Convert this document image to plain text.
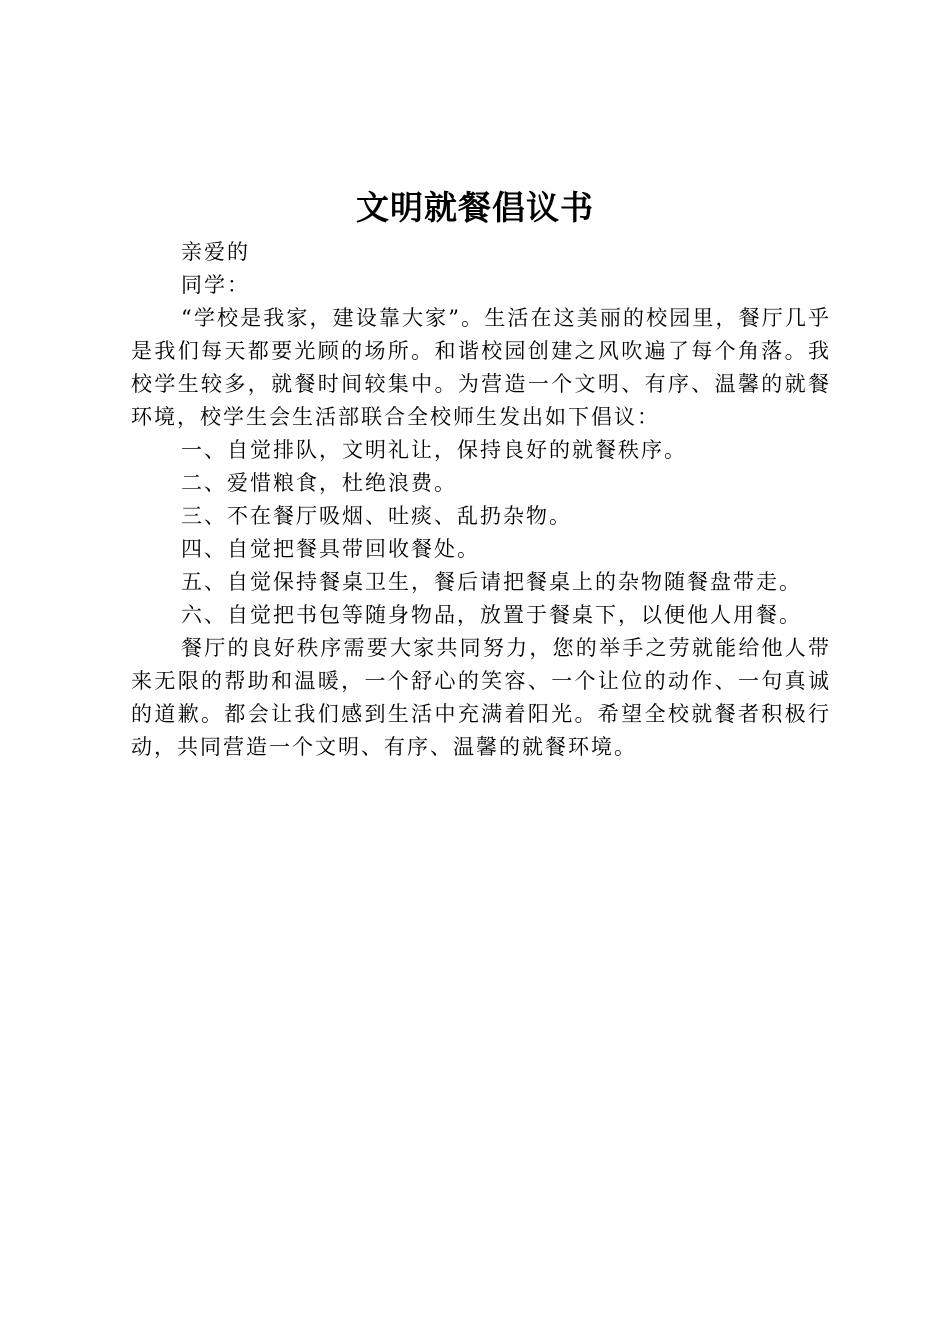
文明就餐倡议书

亲爱的

同学：

“学校是我家，建设靠大家”。生活在这美丽的校园里，餐厅几乎是我们每天都要光顾的场所。和谐校园创建之风吹遍了每个角落。我校学生较多，就餐时间较集中。为营造一个文明、有序、温馨的就餐环境，校学生会生活部联合全校师生发出如下倡议：

一、自觉排队，文明礼让，保持良好的就餐秩序。

二、爱惜粮食，杜绝浪费。

三、不在餐厅吸烟、吐痰、乱扔杂物。

四、自觉把餐具带回收餐处。

五、自觉保持餐桌卫生，餐后请把餐桌上的杂物随餐盘带走。

六、自觉把书包等随身物品，放置于餐桌下，以便他人用餐。

餐厅的良好秩序需要大家共同努力，您的举手之劳就能给他人带来无限的帮助和温暖，一个舒心的笑容、一个让位的动作、一句真诚的道歉。都会让我们感到生活中充满着阳光。希望全校就餐者积极行动，共同营造一个文明、有序、温馨的就餐环境。
